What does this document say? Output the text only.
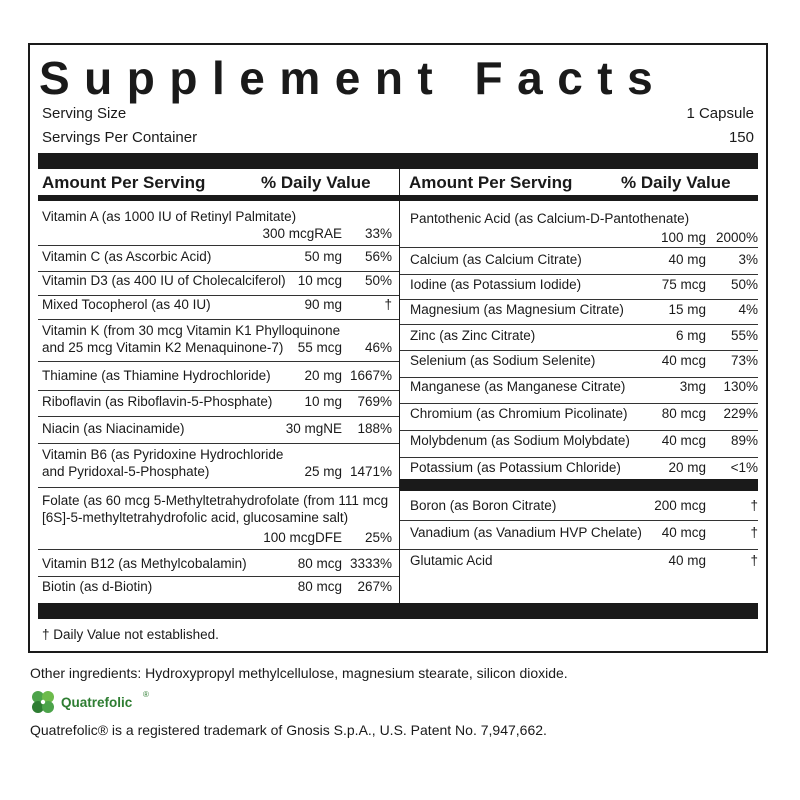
Supplement Facts
Serving Size	1 Capsule
Servings Per Container	150
Amount Per Serving	% Daily Value Amount Per Serving	% Daily Value
Vitamin A (as 1000 IU of Retinyl Palmitate)
300 mcgRAE	33%
Vitamin C (as Ascorbic Acid)	50 mg	56%
Vitamin D3 (as 400 IU of Cholecalciferol) 10 mcg	50%
Mixed Tocopherol (as 40 IU)	90 mg	†
Vitamin K (from 30 mcg Vitamin K1 Phylloquinone
and 25 mcg Vitamin K2 Menaquinone-7)	55 mcg	46%
Thiamine (as Thiamine Hydrochloride)	20 mg 1667%
Riboflavin (as Riboflavin-5-Phosphate)	10 mg	769%
Niacin (as Niacinamide)	30 mgNE	188%
Vitamin B6 (as Pyridoxine Hydrochloride
and Pyridoxal-5-Phosphate)	25 mg 1471%
Folate (as 60 mcg 5-Methyltetrahydrofolate (from 111 mcg
[6S]-5-methyltetrahydrofolic acid, glucosamine salt)
100 mcgDFE	25%
Vitamin B12 (as Methylcobalamin)	80 mcg 3333%
Biotin (as d-Biotin)	80 mcg	267%
Pantothenic Acid (as Calcium-D-Pantothenate)
100 mg 2000%
Calcium (as Calcium Citrate)	40 mg	3%
Iodine (as Potassium Iodide)	75 mcg	50%
Magnesium (as Magnesium Citrate)	15 mg	4%
Zinc (as Zinc Citrate)	6 mg	55%
Selenium (as Sodium Selenite)	40 mcg	73%
Manganese (as Manganese Citrate)	3mg	130%
Chromium (as Chromium Picolinate)	80 mcg	229%
Molybdenum (as Sodium Molybdate)	40 mcg	89%
Potassium (as Potassium Chloride)	20 mg	<1%
Boron (as Boron Citrate)	200 mcg	†
Vanadium (as Vanadium HVP Chelate)	40 mcg	†
Glutamic Acid	40 mg	†
† Daily Value not established.
Other ingredients: Hydroxypropyl methylcellulose, magnesium stearate, silicon dioxide.
Quatrefolic
®
Quatrefolic® is a registered trademark of Gnosis S.p.A., U.S. Patent No. 7,947,662.
